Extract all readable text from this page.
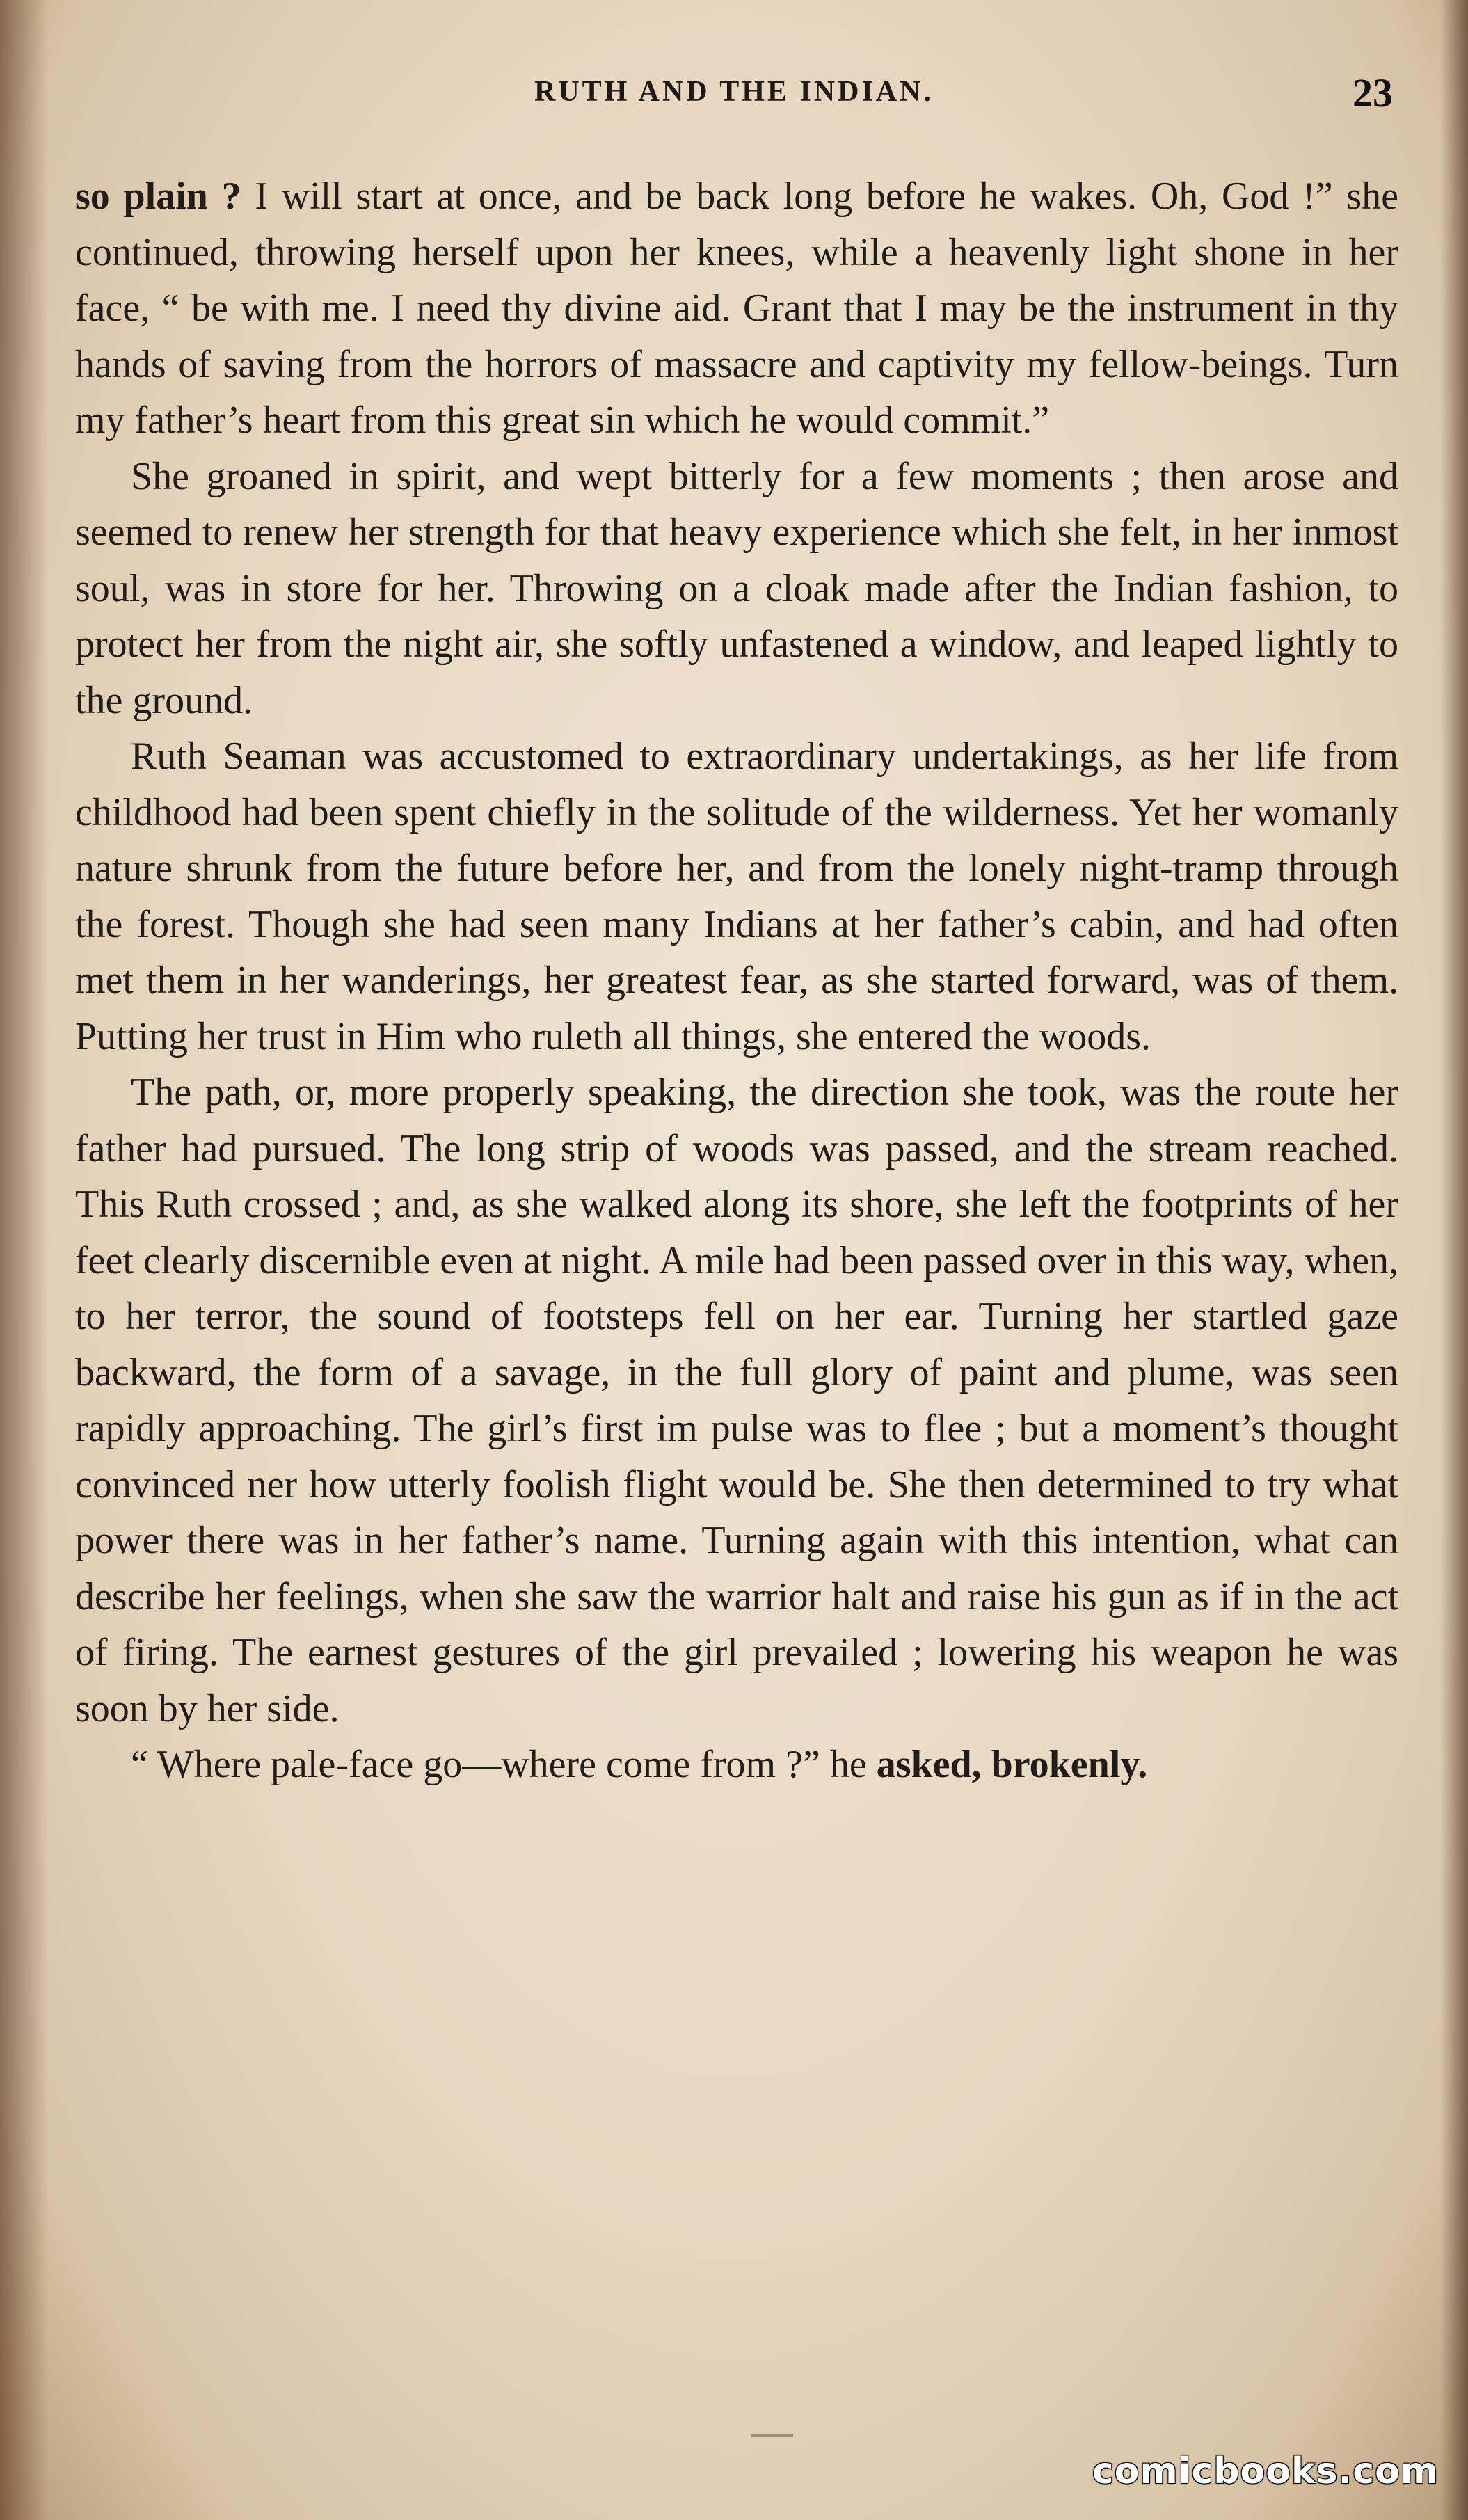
RUTH AND THE INDIAN.	23

so plain ? I will start at once, and be back long before he wakes. Oh, God !” she continued, throwing herself upon her knees, while a heavenly light shone in her face, “ be with me. I need thy divine aid. Grant that I may be the instrument in thy hands of saving from the horrors of massacre and captivity my fellow-beings. Turn my father’s heart from this great sin which he would commit.”

She groaned in spirit, and wept bitterly for a few moments ; then arose and seemed to renew her strength for that heavy experience which she felt, in her inmost soul, was in store for her. Throwing on a cloak made after the Indian fashion, to protect her from the night air, she softly unfastened a window, and leaped lightly to the ground.

Ruth Seaman was accustomed to extraordinary undertakings, as her life from childhood had been spent chiefly in the solitude of the wilderness. Yet her womanly nature shrunk from the future before her, and from the lonely night-tramp through the forest. Though she had seen many Indians at her father’s cabin, and had often met them in her wanderings, her greatest fear, as she started forward, was of them. Putting her trust in Him who ruleth all things, she entered the woods.

The path, or, more properly speaking, the direction she took, was the route her father had pursued. The long strip of woods was passed, and the stream reached. This Ruth crossed ; and, as she walked along its shore, she left the footprints of her feet clearly discernible even at night. A mile had been passed over in this way, when, to her terror, the sound of footsteps fell on her ear. Turning her startled gaze backward, the form of a savage, in the full glory of paint and plume, was seen rapidly approaching. The girl’s first im pulse was to flee ; but a moment’s thought convinced ner how utterly foolish flight would be. She then determined to try what power there was in her father’s name. Turning again with this intention, what can describe her feelings, when she saw the warrior halt and raise his gun as if in the act of firing. The earnest gestures of the girl prevailed ; lowering his weapon he was soon by her side.

“ Where pale-face go—where come from ?” he asked, brokenly.

comicbooks.com
